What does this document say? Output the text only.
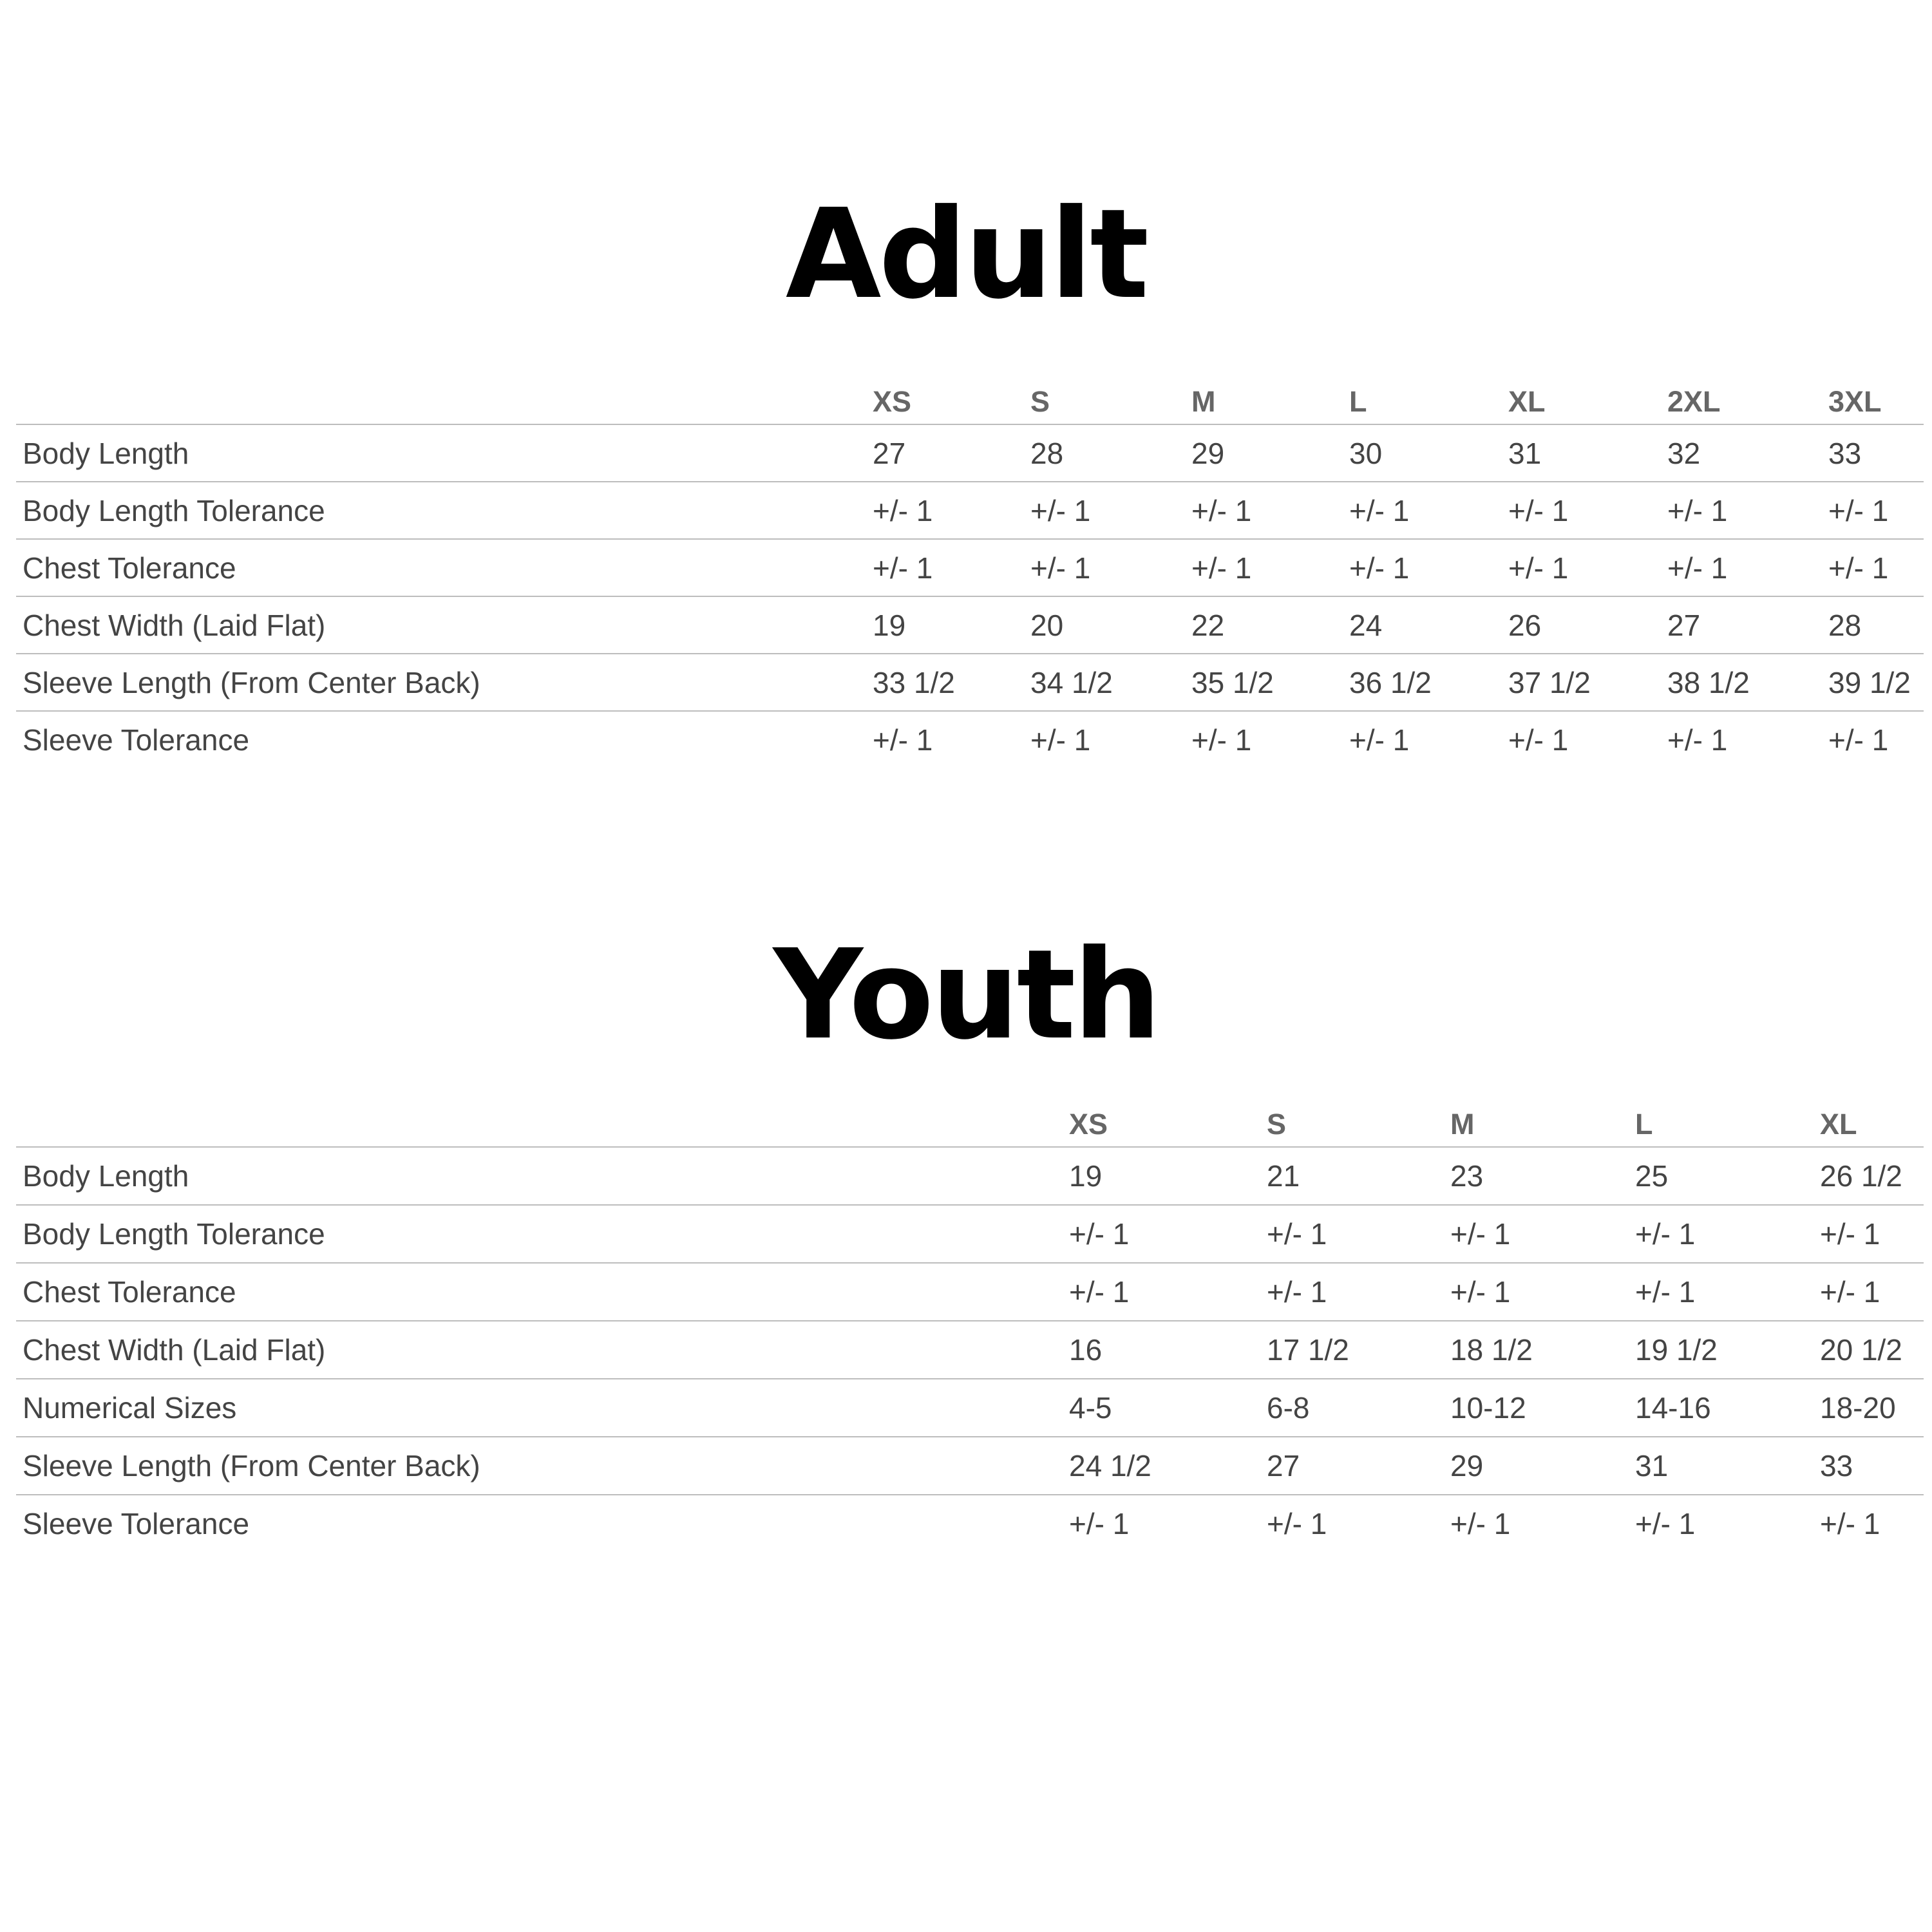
Adult
	XS	S	M	L	XL	2XL	3XL
Body Length	27	28	29	30	31	32	33
Body Length Tolerance	+/- 1	+/- 1	+/- 1	+/- 1	+/- 1	+/- 1	+/- 1
Chest Tolerance	+/- 1	+/- 1	+/- 1	+/- 1	+/- 1	+/- 1	+/- 1
Chest Width (Laid Flat)	19	20	22	24	26	27	28
Sleeve Length (From Center Back)	33 1/2	34 1/2	35 1/2	36 1/2	37 1/2	38 1/2	39 1/2
Sleeve Tolerance	+/- 1	+/- 1	+/- 1	+/- 1	+/- 1	+/- 1	+/- 1
Youth
	XS	S	M	L	XL
Body Length	19	21	23	25	26 1/2
Body Length Tolerance	+/- 1	+/- 1	+/- 1	+/- 1	+/- 1
Chest Tolerance	+/- 1	+/- 1	+/- 1	+/- 1	+/- 1
Chest Width (Laid Flat)	16	17 1/2	18 1/2	19 1/2	20 1/2
Numerical Sizes	4-5	6-8	10-12	14-16	18-20
Sleeve Length (From Center Back)	24 1/2	27	29	31	33
Sleeve Tolerance	+/- 1	+/- 1	+/- 1	+/- 1	+/- 1
